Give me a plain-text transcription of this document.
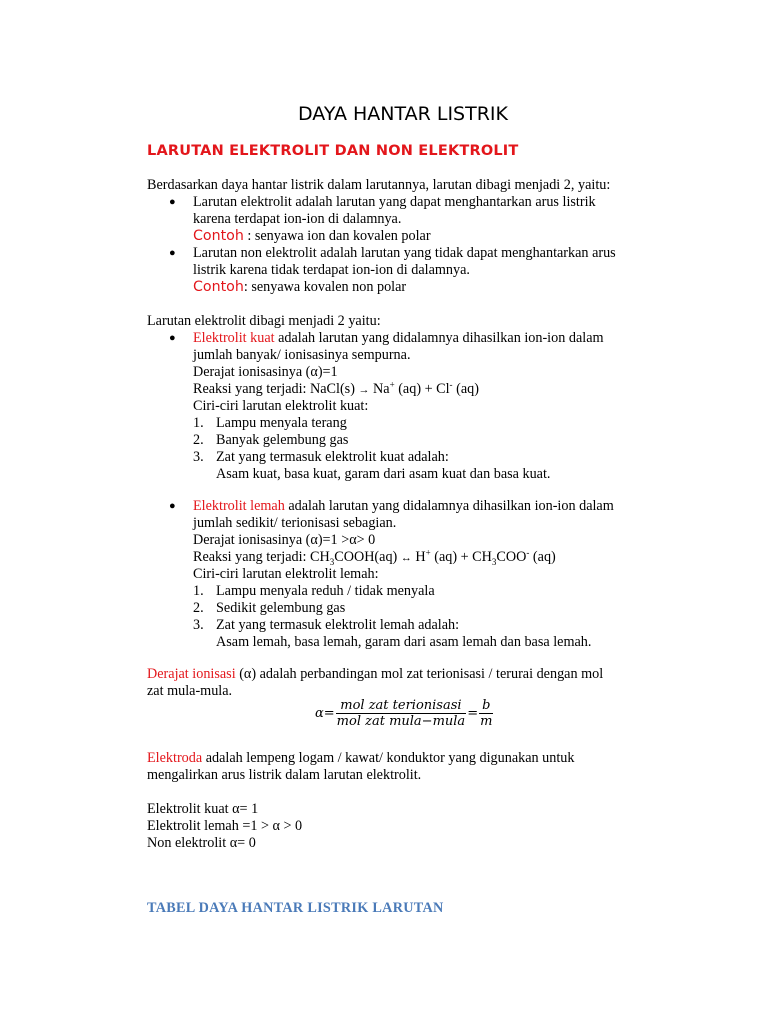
DAYA HANTAR LISTRIK
LARUTAN ELEKTROLIT DAN NON ELEKTROLIT
Berdasarkan daya hantar listrik dalam larutannya, larutan dibagi menjadi 2, yaitu:
● Larutan elektrolit adalah larutan yang dapat menghantarkan arus listrik
karena terdapat ion-ion di dalamnya.
Contoh : senyawa ion dan kovalen polar
● Larutan non elektrolit adalah larutan yang tidak dapat menghantarkan arus
listrik karena tidak terdapat ion-ion di dalamnya.
Contoh: senyawa kovalen non polar
Larutan elektrolit dibagi menjadi 2 yaitu:
● Elektrolit kuat adalah larutan yang didalamnya dihasilkan ion-ion dalam
jumlah banyak/ ionisasinya sempurna.
Derajat ionisasinya (α)=1
Reaksi yang terjadi: NaCl(s) → Na+ (aq) + Cl- (aq)
Ciri-ciri larutan elektrolit kuat:
1. Lampu menyala terang
2. Banyak gelembung gas
3. Zat yang termasuk elektrolit kuat adalah:
Asam kuat, basa kuat, garam dari asam kuat dan basa kuat.
● Elektrolit lemah adalah larutan yang didalamnya dihasilkan ion-ion dalam
jumlah sedikit/ terionisasi sebagian.
Derajat ionisasinya (α)=1 >α> 0
Reaksi yang terjadi: $CH_3COOH(aq)$ ↔ H+ $(aq) + CH_3COO^-$ (aq)
Ciri-ciri larutan elektrolit lemah:
1. Lampu menyala reduh / tidak menyala
2. Sedikit gelembung gas
3. Zat yang termasuk elektrolit lemah adalah:
Asam lemah, basa lemah, garam dari asam lemah dan basa lemah.
Derajat ionisasi (α) adalah perbandingan mol zat terionisasi / terurai dengan mol
zat mula-mula.
α=	mol zat terionisasi	=	b
	mol zat mula−mula		m
Elektroda adalah lempeng logam / kawat/ konduktor yang digunakan untuk
mengalirkan arus listrik dalam larutan elektrolit.
Elektrolit kuat α= 1
Elektrolit lemah =1 > α > 0
Non elektrolit α= 0
TABEL DAYA HANTAR LISTRIK LARUTAN
